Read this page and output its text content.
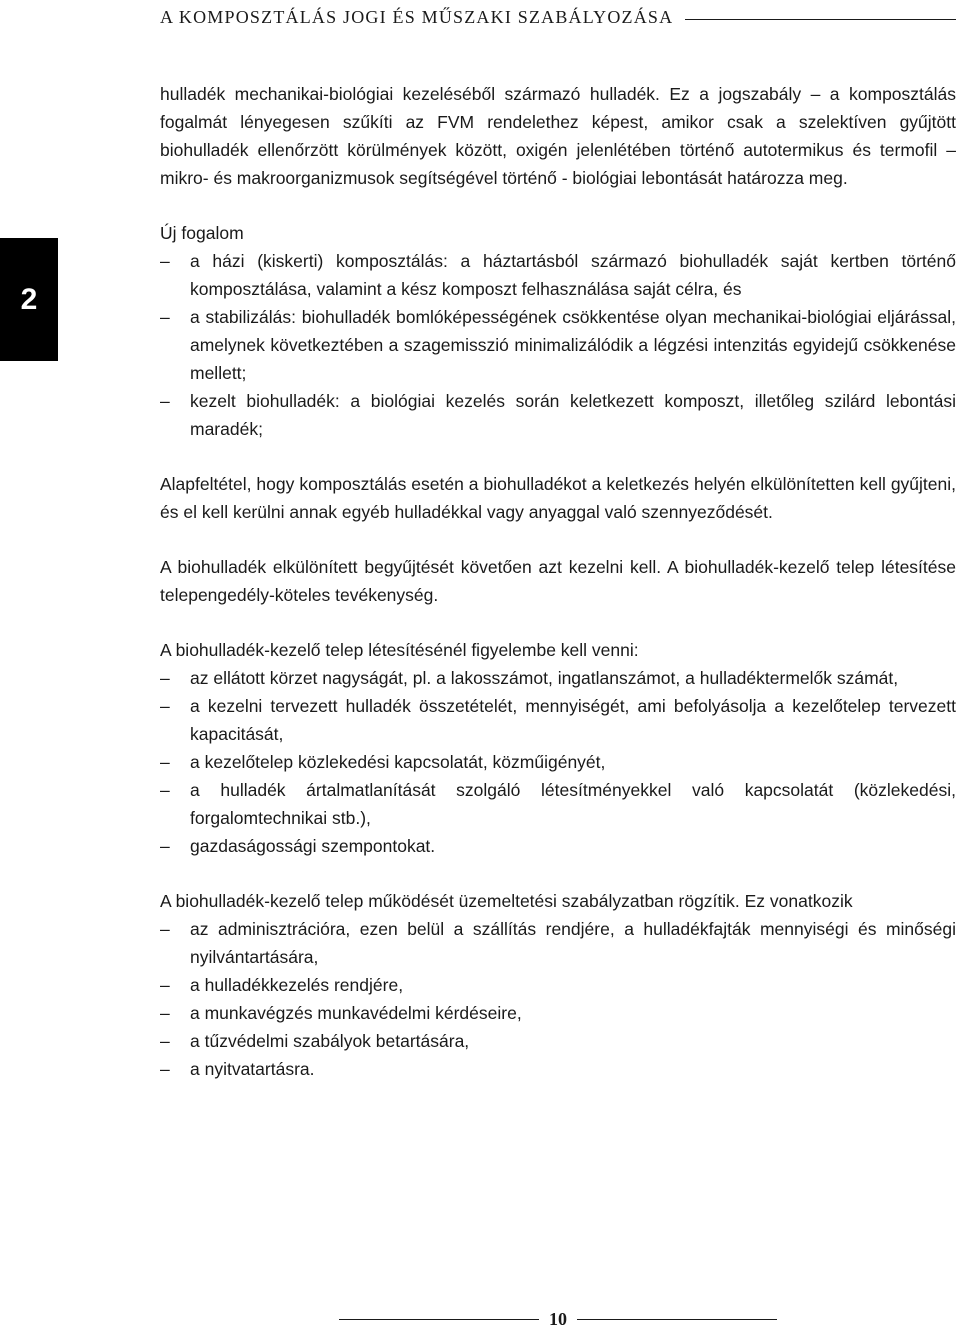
A KOMPOSZTÁLÁS JOGI ÉS MŰSZAKI SZABÁLYOZÁSA
2

hulladék mechanikai-biológiai kezeléséből származó hulladék. Ez a jogszabály – a komposztálás fogalmát lényegesen szűkíti az FVM rendelethez képest, amikor csak a szelektíven gyűjtött biohulladék ellenőrzött körülmények között, oxigén jelenlétében történő autotermikus és termofil – mikro- és makroorganizmusok segítségével történő - biológiai lebontását határozza meg.

Új fogalom

– a házi (kiskerti) komposztálás: a háztartásból származó biohulladék saját kertben történő komposztálása, valamint a kész komposzt felhasználása saját célra, és
– a stabilizálás: biohulladék bomlóképességének csökkentése olyan mechanikai-biológiai eljárással, amelynek következtében a szagemisszió minimalizálódik a légzési intenzitás egyidejű csökkenése mellett;
– kezelt biohulladék: a biológiai kezelés során keletkezett komposzt, illetőleg szilárd lebontási maradék;

Alapfeltétel, hogy komposztálás esetén a biohulladékot a keletkezés helyén elkülönítetten kell gyűjteni, és el kell kerülni annak egyéb hulladékkal vagy anyaggal való szennyeződését.

A biohulladék elkülönített begyűjtését követően azt kezelni kell. A biohulladék-kezelő telep létesítése telepengedély-köteles tevékenység.

A biohulladék-kezelő telep létesítésénél figyelembe kell venni:

– az ellátott körzet nagyságát, pl. a lakosszámot, ingatlanszámot, a hulladéktermelők számát,
– a kezelni tervezett hulladék összetételét, mennyiségét, ami befolyásolja a kezelőtelep tervezett kapacitását,
– a kezelőtelep közlekedési kapcsolatát, közműigényét,
– a hulladék ártalmatlanítását szolgáló létesítményekkel való kapcsolatát (közlekedési, forgalomtechnikai stb.),
– gazdaságossági szempontokat.

A biohulladék-kezelő telep működését üzemeltetési szabályzatban rögzítik. Ez vonatkozik

– az adminisztrációra, ezen belül a szállítás rendjére, a hulladékfajták mennyiségi és minőségi nyilvántartására,
– a hulladékkezelés rendjére,
– a munkavégzés munkavédelmi kérdéseire,
– a tűzvédelmi szabályok betartására,
– a nyitvatartásra.
10
